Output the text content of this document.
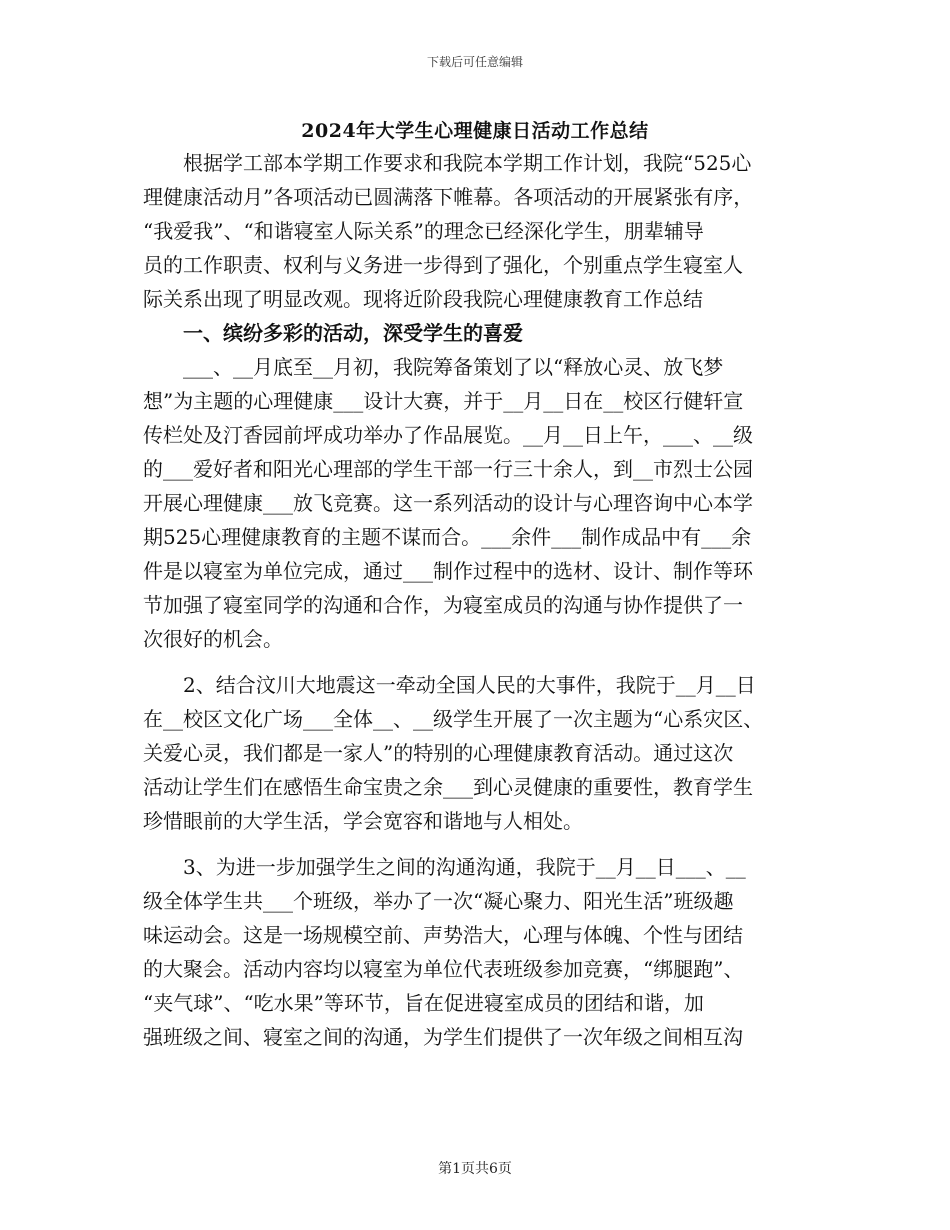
下载后可任意编辑
2024年大学生心理健康日活动工作总结
　　根据学工部本学期工作要求和我院本学期工作计划，我院“525心
理健康活动月”各项活动已圆满落下帷幕。各项活动的开展紧张有序，
“我爱我”、“和谐寝室人际关系”的理念已经深化学生，朋辈辅导
员的工作职责、权利与义务进一步得到了强化，个别重点学生寝室人
际关系出现了明显改观。现将近阶段我院心理健康教育工作总结
　　一、缤纷多彩的活动，深受学生的喜爱
　　___、__月底至__月初，我院筹备策划了以“释放心灵、放飞梦
想”为主题的心理健康___设计大赛，并于__月__日在__校区行健轩宣
传栏处及汀香园前坪成功举办了作品展览。__月__日上午，___、__级
的___爱好者和阳光心理部的学生干部一行三十余人，到__市烈士公园
开展心理健康___放飞竞赛。这一系列活动的设计与心理咨询中心本学
期525心理健康教育的主题不谋而合。___余件___制作成品中有___余
件是以寝室为单位完成，通过___制作过程中的选材、设计、制作等环
节加强了寝室同学的沟通和合作，为寝室成员的沟通与协作提供了一
次很好的机会。
　　2、结合汶川大地震这一牵动全国人民的大事件，我院于__月__日
在__校区文化广场___全体__、__级学生开展了一次主题为“心系灾区、
关爱心灵，我们都是一家人”的特别的心理健康教育活动。通过这次
活动让学生们在感悟生命宝贵之余___到心灵健康的重要性，教育学生
珍惜眼前的大学生活，学会宽容和谐地与人相处。
　　3、为进一步加强学生之间的沟通沟通，我院于__月__日___、__
级全体学生共___个班级，举办了一次“凝心聚力、阳光生活”班级趣
味运动会。这是一场规模空前、声势浩大，心理与体魄、个性与团结
的大聚会。活动内容均以寝室为单位代表班级参加竞赛，“绑腿跑”、
“夹气球”、“吃水果”等环节，旨在促进寝室成员的团结和谐，加
强班级之间、寝室之间的沟通，为学生们提供了一次年级之间相互沟
第1页共6页
